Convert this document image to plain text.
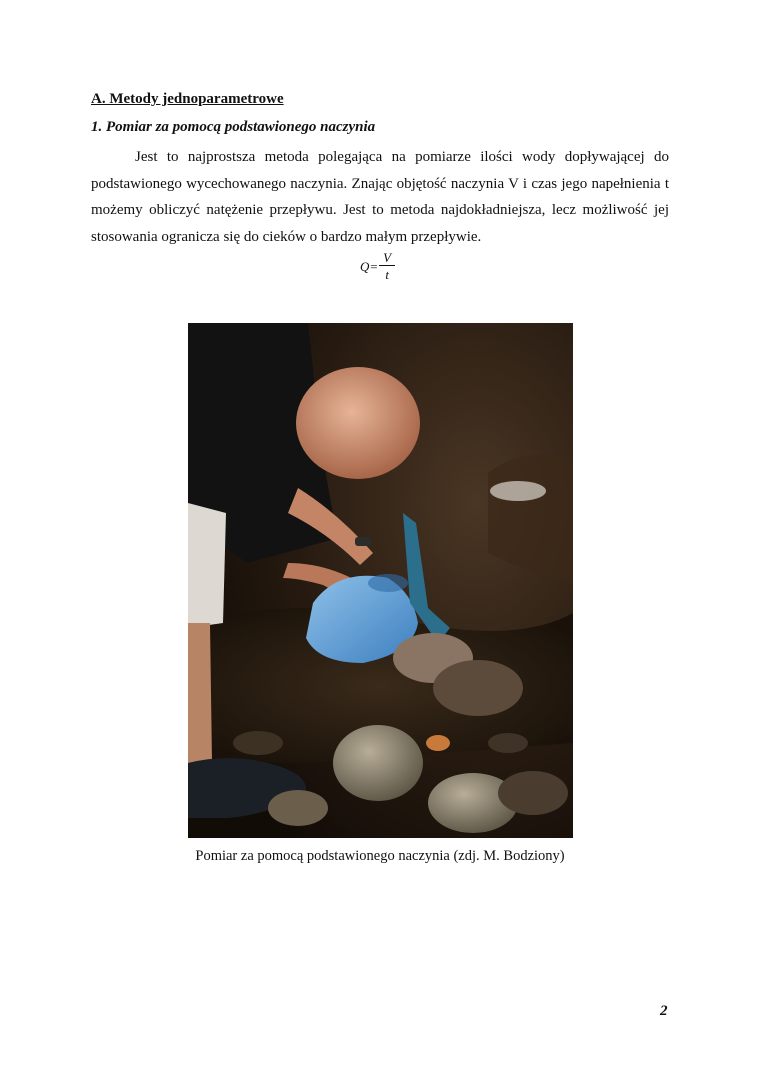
A. Metody jednoparametrowe
1. Pomiar za pomocą podstawionego naczynia

Jest to najprostsza metoda polegająca na pomiarze ilości wody dopływającej do podstawionego wycechowanego naczynia. Znając objętość naczynia V i czas jego napełnienia t możemy obliczyć natężenie przepływu. Jest to metoda najdokładniejsza, lecz możliwość jej stosowania ogranicza się do cieków o bardzo małym przepływie.

$Q = \frac{V}{t}$
Pomiar za pomocą podstawionego naczynia (zdj. M. Bodziony)
2
